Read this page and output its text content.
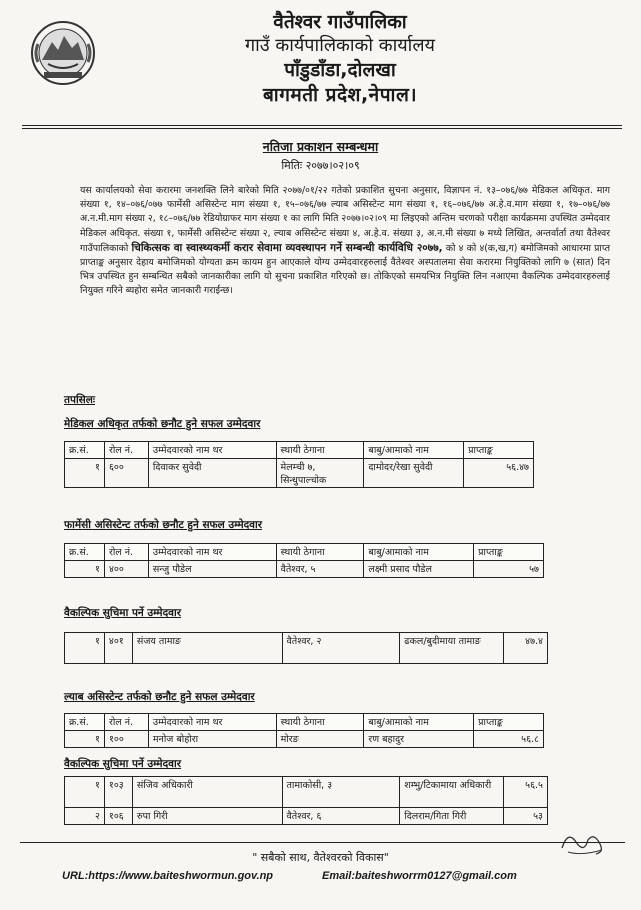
वैतेश्वर गाउँपालिका
गाउँ कार्यपालिकाको कार्यालय
पाँडुडाँडा,दोलखा
बागमती प्रदेश,नेपाल।
नतिजा प्रकाशन सम्बन्धमा
मितिः २०७७।०२।०९
यस कार्यालयको सेवा करारमा जनशक्ति लिने बारेको मिति २०७७/०१/२२ गतेको प्रकाशित सुचना अनुसार, विज्ञापन नं. १३–०७६/७७ मेडिकल अधिकृत. माग संख्या १, १४–०७६/०७७ फार्मेसी असिस्टेन्ट माग संख्या १, १५–०७६/७७ ल्याब असिस्टेन्ट माग संख्या १, १६–०७६/७७ अ.हे.व.माग संख्या १, १७–०७६/७७ अ.न.मी.माग संख्या २, १८–०७६/७७ रेडियोग्राफर माग संख्या १ का लागि मिति २०७७।०२।०९ मा लिइएको अन्तिम चरणको परीक्षा कार्यक्रममा उपस्थित उम्मेदवार मेडिकल अधिकृत. संख्या १, फार्मेसी असिस्टेन्ट संख्या २, ल्याब असिस्टेन्ट संख्या ४, अ.हे.व. संख्या ३, अ.न.मी संख्या ७ मध्ये लिखित, अन्तर्वार्ता तथा वैतेश्वर गाउँपालिकाको चिकित्सक वा स्वास्थ्यकर्मी करार सेवामा व्यवस्थापन गर्ने सम्बन्धी कार्यविधि २०७७, को ४ को ४(क,ख,ग) बमोजिमको आधारमा प्राप्त प्राप्ताङ्क अनुसार देहाय बमोजिमको योग्यता क्रम कायम हुन आएकाले योग्य उम्मेदवारहरुलाई वैतेश्वर अस्पतालमा सेवा करारमा नियुक्तिको लागि ७ (सात) दिन भित्र उपस्थित हुन सम्बन्धित सबैको जानकारीका लागि यो सुचना प्रकाशित गरिएको छ। तोकिएको समयभित्र नियुक्ति लिन नआएमा वैकल्पिक उम्मेदवारहरुलाई नियुक्त गरिने ब्यहोरा समेत जानकारी गराईन्छ।
तपसिलः
मेडिकल अधिकृत तर्फको छनौट हुने सफल उम्मेदवार
क्र.सं.	रोल नं.	उम्मेदवारको नाम थर	स्थायी ठेगाना	बाबु/आमाको नाम	प्राप्ताङ्क
१	६००	दिवाकर सुवेदी	मेलम्ची ७, सिन्धुपाल्चोक	दामोदर/रेखा सुवेदी	५६.४७
फार्मेसी असिस्टेन्ट तर्फको छनौट हुने सफल उम्मेदवार
क्र.सं.	रोल नं.	उम्मेदवारको नाम थर	स्थायी ठेगाना	बाबु/आमाको नाम	प्राप्ताङ्क
१	४००	सन्जु पौडेल	वैतेश्वर, ५	लक्ष्मी प्रसाद पौडेल	५७
वैकल्पिक सुचिमा पर्ने उम्मेदवार
१	४०१	संजय तामाङ	वैतेश्वर, २	ढकल/बुदीमाया तामाङ	४७.४
ल्याब असिस्टेन्ट तर्फको छनौट हुने सफल उम्मेदवार
क्र.सं.	रोल नं.	उम्मेदवारको नाम थर	स्थायी ठेगाना	बाबु/आमाको नाम	प्राप्ताङ्क
१	१००	मनोज बोहोरा	मोरङ	रण बहादुर	५६.८
वैकल्पिक सुचिमा पर्ने उम्मेदवार
१	१०३	संजिव अधिकारी	तामाकोसी, ३	शम्भु/टिकामाया अधिकारी	५६.५
२	१०६	रुपा गिरी	वैतेश्वर, ६	दिलराम/गिता गिरी	५३
" सबैको साथ, वैतेश्वरको विकास"
URL:https://www.baiteshwormun.gov.np	Email:baiteshworrm0127@gmail.com
